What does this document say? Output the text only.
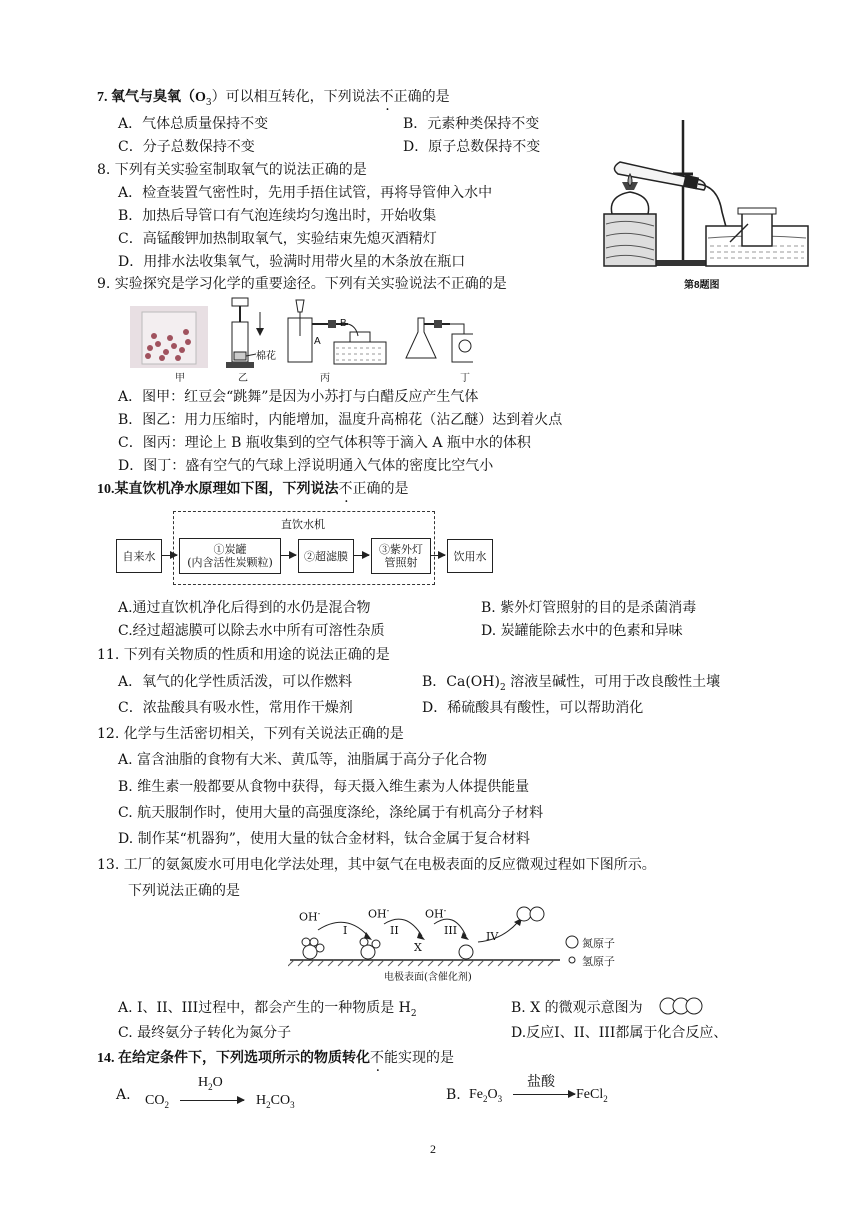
7. 氧气与臭氧$(O_3)$可以相互转化，下列说法不正确的是
A．气体总质量保持不变	B．元素种类保持不变
C．分子总数保持不变	D．原子总数保持不变
8. 下列有关实验室制取氧气的说法正确的是
A．检查装置气密性时，先用手捂住试管，再将导管伸入水中
B．加热后导管口有气泡连续均匀逸出时，开始收集
C．高锰酸钾加热制取氧气，实验结束先熄灭酒精灯
D．用排水法收集氧气，验满时用带火星的木条放在瓶口
第8题图
9. 实验探究是学习化学的重要途径。下列有关实验说法不正确的是
甲	乙	丙	丁
棉花
A
B
A．图甲：红豆会“跳舞”是因为小苏打与白醋反应产生气体
B．图乙：用力压缩时，内能增加，温度升高棉花（沾乙醚）达到着火点
C．图丙：理论上 B 瓶收集到的空气体积等于滴入 A 瓶中水的体积
D．图丁：盛有空气的气球上浮说明通入气体的密度比空气小
10.某直饮机净水原理如下图，下列说法不正确的是
直饮水机
自来水	①炭罐
(内含活性炭颗粒)	②超滤膜	③紫外灯
管照射	饮用水
A.通过直饮机净化后得到的水仍是混合物	B. 紫外灯管照射的目的是杀菌消毒
C.经过超滤膜可以除去水中所有可溶性杂质	D. 炭罐能除去水中的色素和异味
11. 下列有关物质的性质和用途的说法正确的是
A．氧气的化学性质活泼，可以作燃料	B．$Ca(OH)_2$ 溶液呈碱性，可用于改良酸性土壤
C．浓盐酸具有吸水性，常用作干燥剂	D．稀硫酸具有酸性，可以帮助消化
12. 化学与生活密切相关，下列有关说法正确的是
A. 富含油脂的食物有大米、黄瓜等，油脂属于高分子化合物
B. 维生素一般都要从食物中获得，每天摄入维生素为人体提供能量
C. 航天服制作时，使用大量的高强度涤纶，涤纶属于有机高分子材料
D. 制作某“机器狗”，使用大量的钛合金材料，钛合金属于复合材料
13. 工厂的氨氮废水可用电化学法处理，其中氨气在电极表面的反应微观过程如下图所示。
下列说法正确的是
OH-	OH-	OH-
I	II	III	IV
X
电极表面(含催化剂)
氮原子
氢原子
A. I、II、III过程中，都会产生的一种物质是 $H_2$	B. X 的微观示意图为
C. 最终氨分子转化为氮分子	D.反应I、II、III都属于化合反应、
14. 在给定条件下，下列选项所示的物质转化不能实现的是
A. $CO_2$
$H_2O$
$H_2CO_3$
B. $Fe_2O_3$
盐酸
FeCl$_2$
2
